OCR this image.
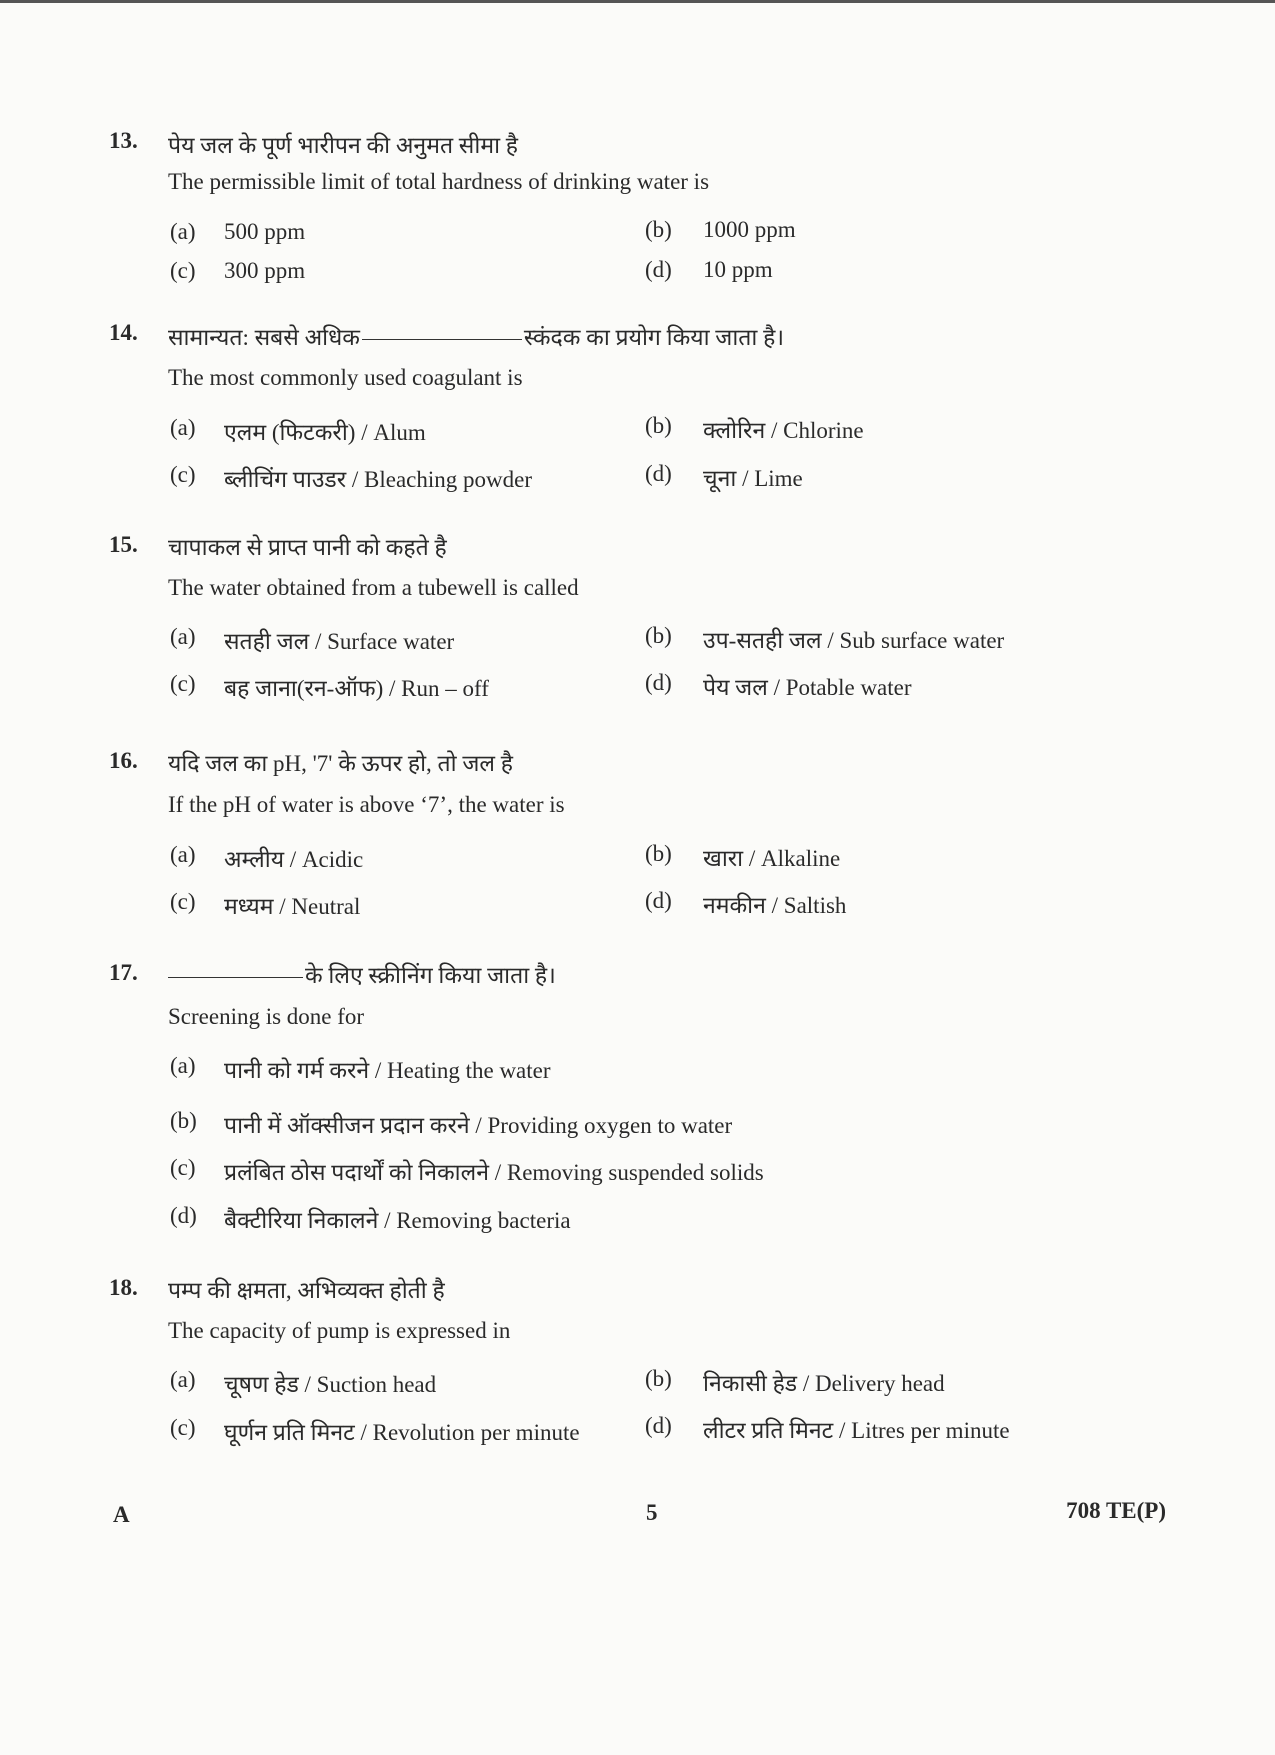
13. पेय जल के पूर्ण भारीपन की अनुमत सीमा है
The permissible limit of total hardness of drinking water is
(a) 500 ppm	(b) 1000 ppm
(c) 300 ppm	(d) 10 ppm
14. सामान्यत: सबसे अधिक	स्कंदक का प्रयोग किया जाता है।
The most commonly used coagulant is
(a) एलम (फिटकरी) / Alum	(b) क्लोरिन / Chlorine
(c) ब्लीचिंग पाउडर / Bleaching powder	(d) चूना / Lime
15. चापाकल से प्राप्त पानी को कहते है
The water obtained from a tubewell is called
(a) सतही जल / Surface water	(b) उप-सतही जल / Sub surface water
(c) बह जाना(रन-ऑफ) / Run – off	(d) पेय जल / Potable water
16. यदि जल का pH, '7' के ऊपर हो, तो जल है
If the pH of water is above ‘7’, the water is
(a) अम्लीय / Acidic	(b) खारा / Alkaline
(c) मध्यम / Neutral	(d) नमकीन / Saltish
17.	के लिए स्क्रीनिंग किया जाता है।
Screening is done for
(a) पानी को गर्म करने / Heating the water
(b) पानी में ऑक्सीजन प्रदान करने / Providing oxygen to water
(c) प्रलंबित ठोस पदार्थों को निकालने / Removing suspended solids
(d) बैक्टीरिया निकालने / Removing bacteria
18. पम्प की क्षमता, अभिव्यक्त होती है
The capacity of pump is expressed in
(a) चूषण हेड / Suction head	(b) निकासी हेड / Delivery head
(c) घूर्णन प्रति मिनट / Revolution per minute	(d) लीटर प्रति मिनट / Litres per minute
A	5	708 TE(P)
